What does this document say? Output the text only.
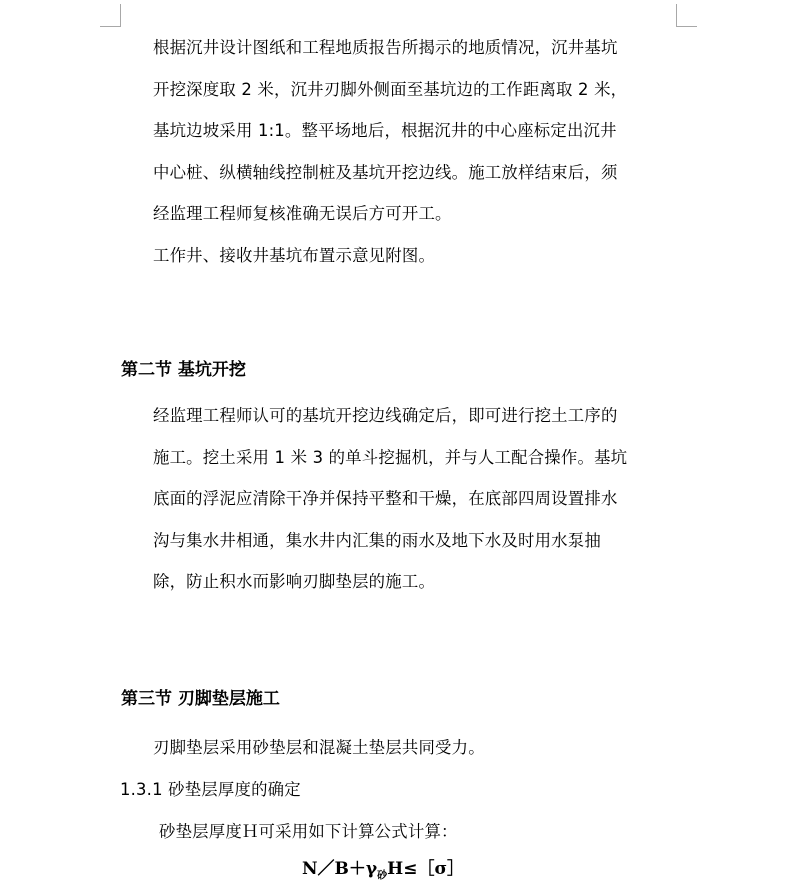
根据沉井设计图纸和工程地质报告所揭示的地质情况，沉井基坑
开挖深度取 2 米，沉井刃脚外侧面至基坑边的工作距离取 2 米，
基坑边坡采用 1:1。整平场地后，根据沉井的中心座标定出沉井
中心桩、纵横轴线控制桩及基坑开挖边线。施工放样结束后，须
经监理工程师复核准确无误后方可开工。
工作井、接收井基坑布置示意见附图。

第二节 基坑开挖

经监理工程师认可的基坑开挖边线确定后，即可进行挖土工序的
施工。挖土采用 1 米 3 的单斗挖掘机，并与人工配合操作。基坑
底面的浮泥应清除干净并保持平整和干燥，在底部四周设置排水
沟与集水井相通，集水井内汇集的雨水及地下水及时用水泵抽
除，防止积水而影响刃脚垫层的施工。

第三节 刃脚垫层施工

刃脚垫层采用砂垫层和混凝土垫层共同受力。

1.3.1 砂垫层厚度的确定

砂垫层厚度Ｈ可采用如下计算公式计算：

$N/B+\gamma_砂H\le[\sigma]$
